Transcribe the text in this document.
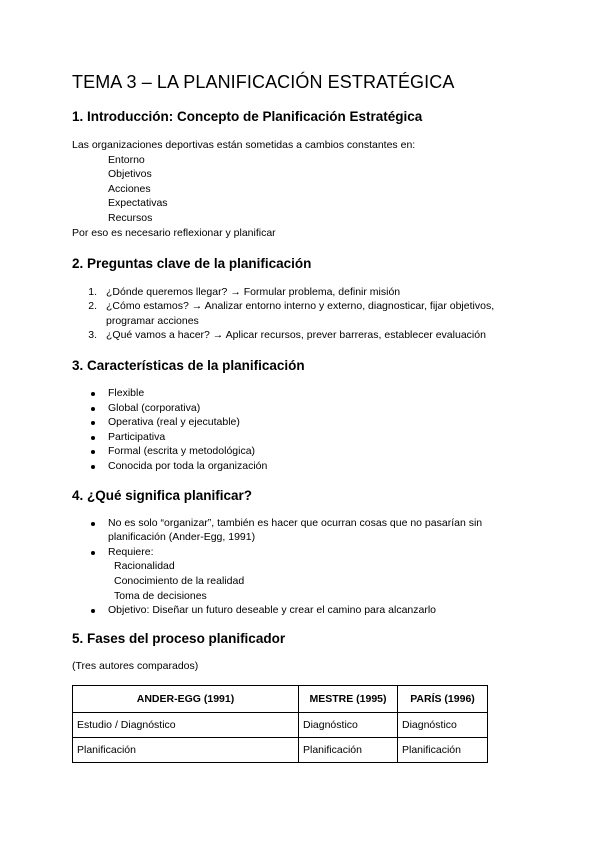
TEMA 3 – LA PLANIFICACIÓN ESTRATÉGICA
1. Introducción: Concepto de Planificación Estratégica
Las organizaciones deportivas están sometidas a cambios constantes en:
Entorno
Objetivos
Acciones
Expectativas
Recursos
Por eso es necesario reflexionar y planificar
2. Preguntas clave de la planificación
1. ¿Dónde queremos llegar? → Formular problema, definir misión
2. ¿Cómo estamos? → Analizar entorno interno y externo, diagnosticar, fijar objetivos,
programar acciones
3. ¿Qué vamos a hacer? → Aplicar recursos, prever barreras, establecer evaluación
3. Características de la planificación
Flexible
Global (corporativa)
Operativa (real y ejecutable)
Participativa
Formal (escrita y metodológica)
Conocida por toda la organización
4. ¿Qué significa planificar?
No es solo “organizar”, también es hacer que ocurran cosas que no pasarían sin
planificación (Ander-Egg, 1991)
Requiere:
Racionalidad
Conocimiento de la realidad
Toma de decisiones
Objetivo: Diseñar un futuro deseable y crear el camino para alcanzarlo
5. Fases del proceso planificador
(Tres autores comparados)
ANDER-EGG (1991)	MESTRE (1995)	PARÍS (1996)
Estudio / Diagnóstico	Diagnóstico	Diagnóstico
Planificación	Planificación	Planificación
